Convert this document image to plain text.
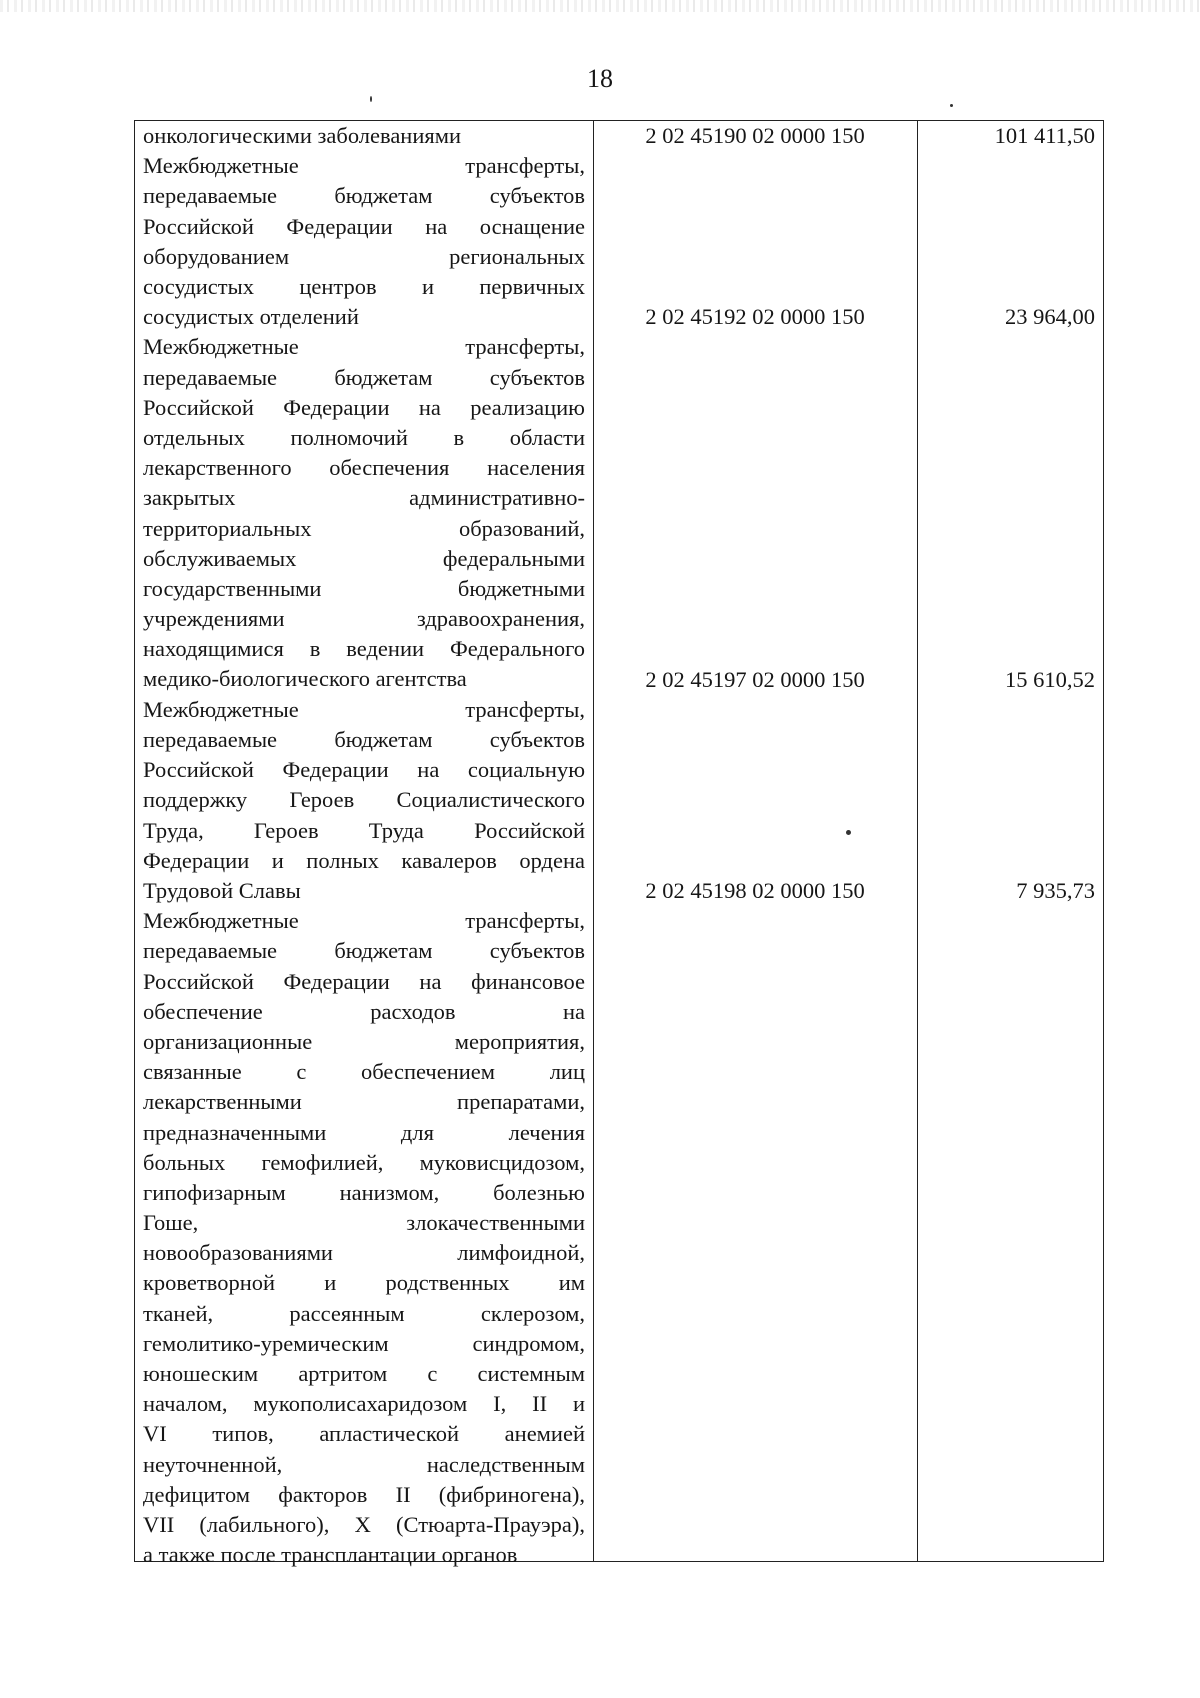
18
онкологическими заболеваниями	2 02 45190 02 0000 150	101 411,50
Межбюджетные трансферты,
передаваемые бюджетам субъектов
Российской Федерации на оснащение
оборудованием региональных
сосудистых центров и первичных
сосудистых отделений	2 02 45192 02 0000 150	23 964,00
Межбюджетные трансферты,
передаваемые бюджетам субъектов
Российской Федерации на реализацию
отдельных полномочий в области
лекарственного обеспечения населения
закрытых административно-
территориальных образований,
обслуживаемых федеральными
государственными бюджетными
учреждениями здравоохранения,
находящимися в ведении Федерального
медико-биологического агентства	2 02 45197 02 0000 150	15 610,52
Межбюджетные трансферты,
передаваемые бюджетам субъектов
Российской Федерации на социальную
поддержку Героев Социалистического
Труда, Героев Труда Российской
Федерации и полных кавалеров ордена
Трудовой Славы	2 02 45198 02 0000 150	7 935,73
Межбюджетные трансферты,
передаваемые бюджетам субъектов
Российской Федерации на финансовое
обеспечение расходов на
организационные мероприятия,
связанные с обеспечением лиц
лекарственными препаратами,
предназначенными для лечения
больных гемофилией, муковисцидозом,
гипофизарным нанизмом, болезнью
Гоше, злокачественными
новообразованиями лимфоидной,
кроветворной и родственных им
тканей, рассеянным склерозом,
гемолитико-уремическим синдромом,
юношеским артритом с системным
началом, мукополисахаридозом I, II и
VI типов, апластической анемией
неуточненной, наследственным
дефицитом факторов II (фибриногена),
VII (лабильного), X (Стюарта-Прауэра),
а также после трансплантации органов
